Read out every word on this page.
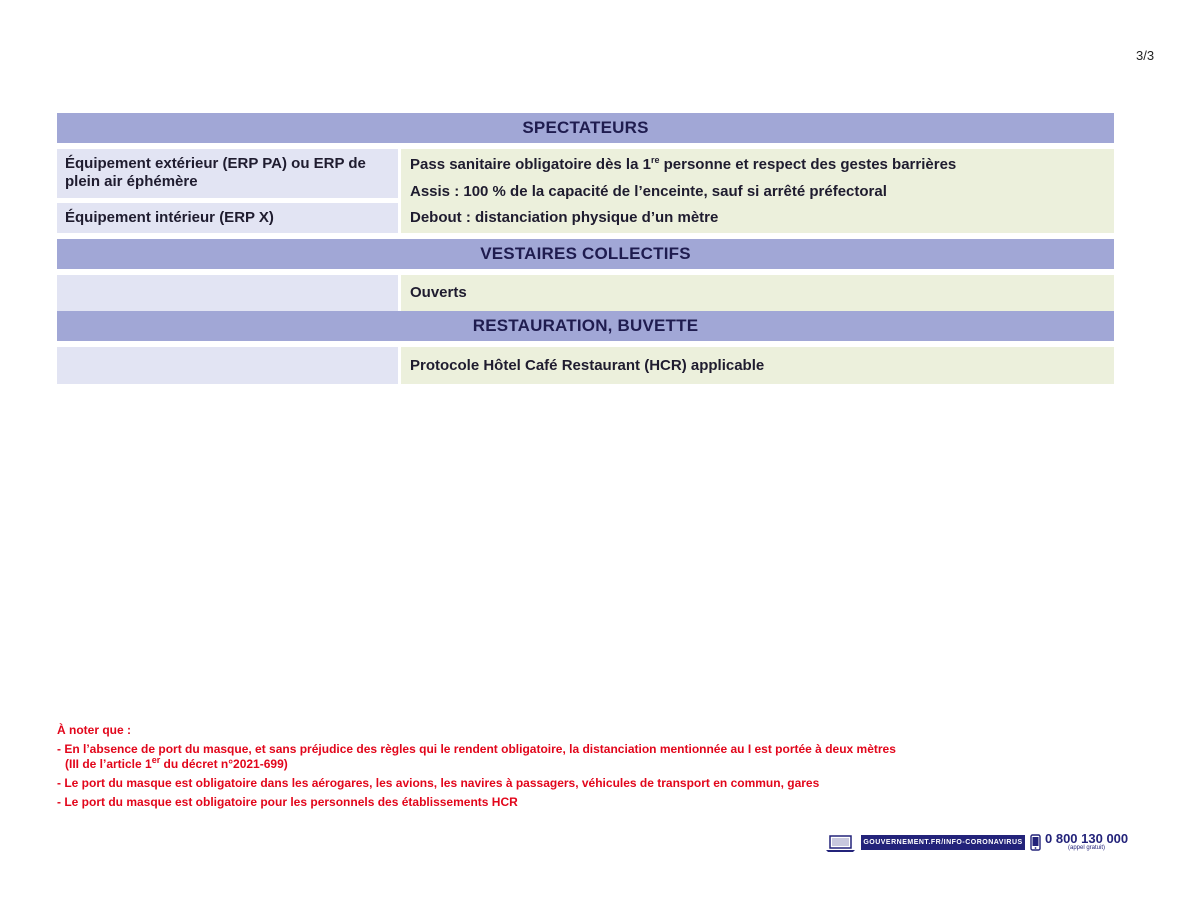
3/3
SPECTATEURS
Équipement extérieur (ERP PA) ou ERP de plein air éphémère
Équipement intérieur (ERP X)
Pass sanitaire obligatoire dès la 1re personne et respect des gestes barrières
Assis : 100 % de la capacité de l’enceinte, sauf si arrêté préfectoral
Debout : distanciation physique d’un mètre
VESTAIRES COLLECTIFS
Ouverts
RESTAURATION, BUVETTE
Protocole Hôtel Café Restaurant (HCR) applicable
À noter que :
- En l’absence de port du masque, et sans préjudice des règles qui le rendent obligatoire, la distanciation mentionnée au I est portée à deux mètres
(III de l’article 1er du décret n°2021-699)
- Le port du masque est obligatoire dans les aérogares, les avions, les navires à passagers, véhicules de transport en commun, gares
- Le port du masque est obligatoire pour les personnels des établissements HCR
GOUVERNEMENT.FR/INFO-CORONAVIRUS 0 800 130 000
(appel gratuit)
